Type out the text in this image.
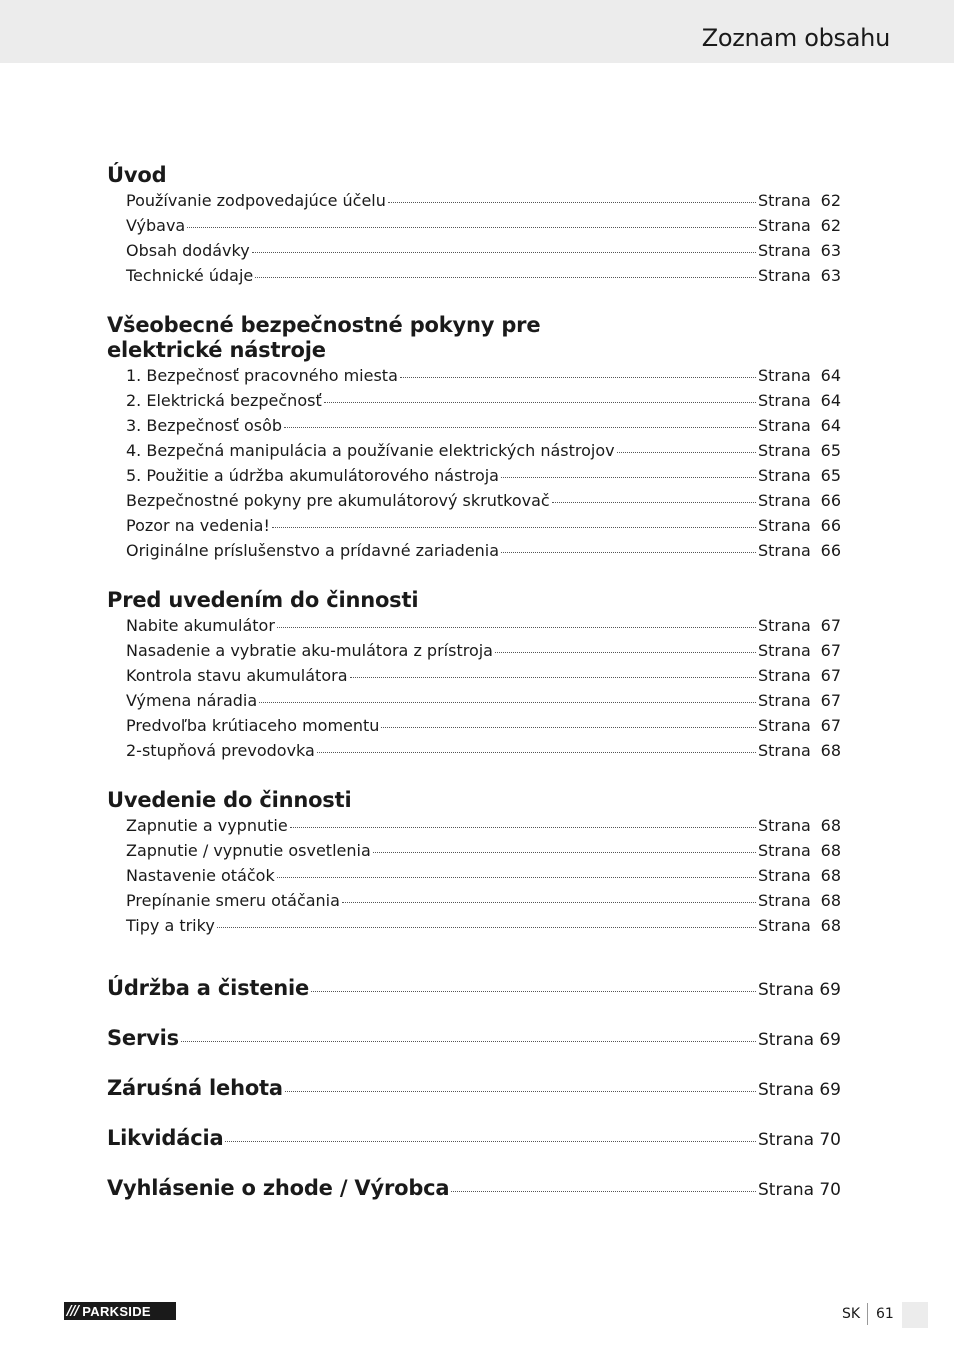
Zoznam obsahu
Úvod
Používanie zodpovedajúce účelu	Strana 62
Výbava	Strana 62
Obsah dodávky	Strana 63
Technické údaje	Strana 63
Všeobecné bezpečnostné pokyny pre
elektrické nástroje
1. Bezpečnosť pracovného miesta	Strana 64
2. Elektrická bezpečnosť	Strana 64
3. Bezpečnosť osôb	Strana 64
4. Bezpečná manipulácia a používanie elektrických nástrojov	Strana 65
5. Použitie a údržba akumulátorového nástroja	Strana 65
Bezpečnostné pokyny pre akumulátorový skrutkovač	Strana 66
Pozor na vedenia!	Strana 66
Originálne príslušenstvo a prídavné zariadenia	Strana 66
Pred uvedením do činnosti
Nabite akumulátor	Strana 67
Nasadenie a vybratie aku-mulátora z prístroja	Strana 67
Kontrola stavu akumulátora	Strana 67
Výmena náradia	Strana 67
Predvoľba krútiaceho momentu	Strana 67
2-stupňová prevodovka	Strana 68
Uvedenie do činnosti
Zapnutie a vypnutie	Strana 68
Zapnutie / vypnutie osvetlenia	Strana 68
Nastavenie otáčok	Strana 68
Prepínanie smeru otáčania	Strana 68
Tipy a triky	Strana 68
Údržba a čistenie	Strana 69
Servis	Strana 69
Záruśná lehota	Strana 69
Likvidácia	Strana 70
Vyhlásenie o zhode / Výrobca	Strana 70
/// PARKSIDE	SK 61
